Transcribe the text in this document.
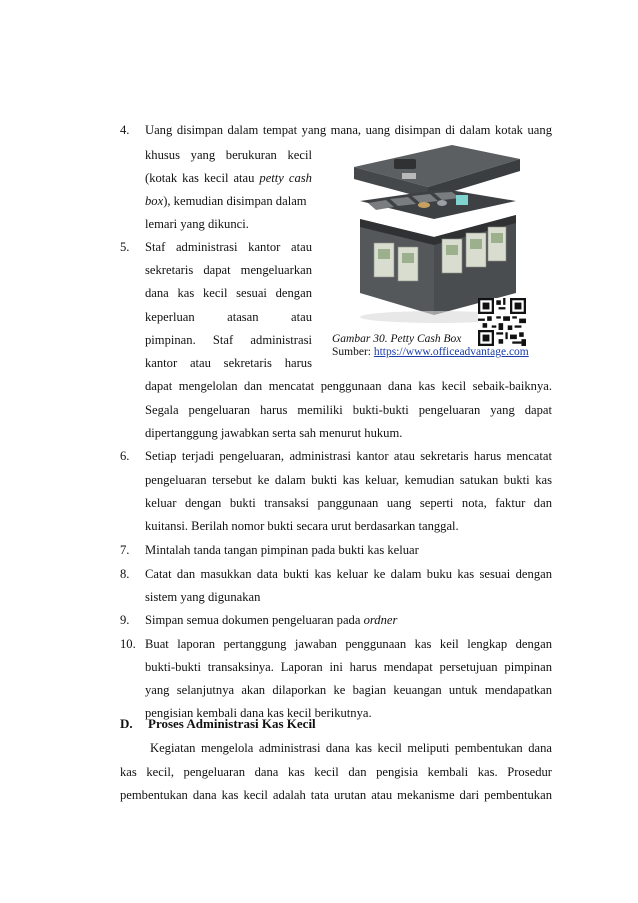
4. Uang disimpan dalam tempat yang mana, uang disimpan di dalam kotak uang
khusus yang berukuran kecil
(kotak kas kecil atau petty cash
box), kemudian disimpan dalam
lemari yang dikunci.
5. Staf administrasi kantor atau
sekretaris dapat mengeluarkan
dana kas kecil sesuai dengan
keperluan atasan atau
pimpinan. Staf administrasi
kantor atau sekretaris harus
dapat mengelolan dan mencatat penggunaan dana kas kecil sebaik-baiknya.
Segala pengeluaran harus memiliki bukti-bukti pengeluaran yang dapat
dipertanggung jawabkan serta sah menurut hukum.
6. Setiap terjadi pengeluaran, administrasi kantor atau sekretaris harus mencatat
pengeluaran tersebut ke dalam bukti kas keluar, kemudian satukan bukti kas
keluar dengan bukti transaksi panggunaan uang seperti nota, faktur dan
kuitansi. Berilah nomor bukti secara urut berdasarkan tanggal.
7. Mintalah tanda tangan pimpinan pada bukti kas keluar
8. Catat dan masukkan data bukti kas keluar ke dalam buku kas sesuai dengan
sistem yang digunakan
9. Simpan semua dokumen pengeluaran pada ordner
10. Buat laporan pertanggung jawaban penggunaan kas keil lengkap dengan
bukti-bukti transaksinya. Laporan ini harus mendapat persetujuan pimpinan
yang selanjutnya akan dilaporkan ke bagian keuangan untuk mendapatkan
pengisian kembali dana kas kecil berikutnya.
Gambar 30. Petty Cash Box
Sumber: https://www.officeadvantage.com
D. Proses Administrasi Kas Kecil
Kegiatan mengelola administrasi dana kas kecil meliputi pembentukan dana
kas kecil, pengeluaran dana kas kecil dan pengisia kembali kas. Prosedur
pembentukan dana kas kecil adalah tata urutan atau mekanisme dari pembentukan
